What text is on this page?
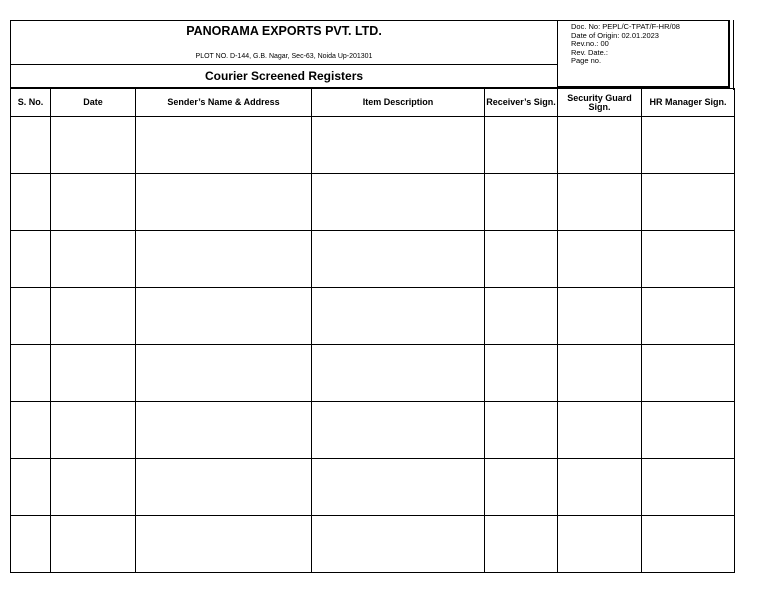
PANORAMA EXPORTS PVT. LTD.
PLOT NO. D-144, G.B. Nagar, Sec-63, Noida Up-201301
Doc. No: PEPL/C-TPAT/F-HR/08
Date of Origin: 02.01.2023
Rev.no.: 00
Rev. Date.:
Page no.
Courier Screened Registers
S. No.	Date	Sender’s Name & Address	Item Description	Receiver’s Sign.	Security Guard Sign.	HR Manager Sign.
